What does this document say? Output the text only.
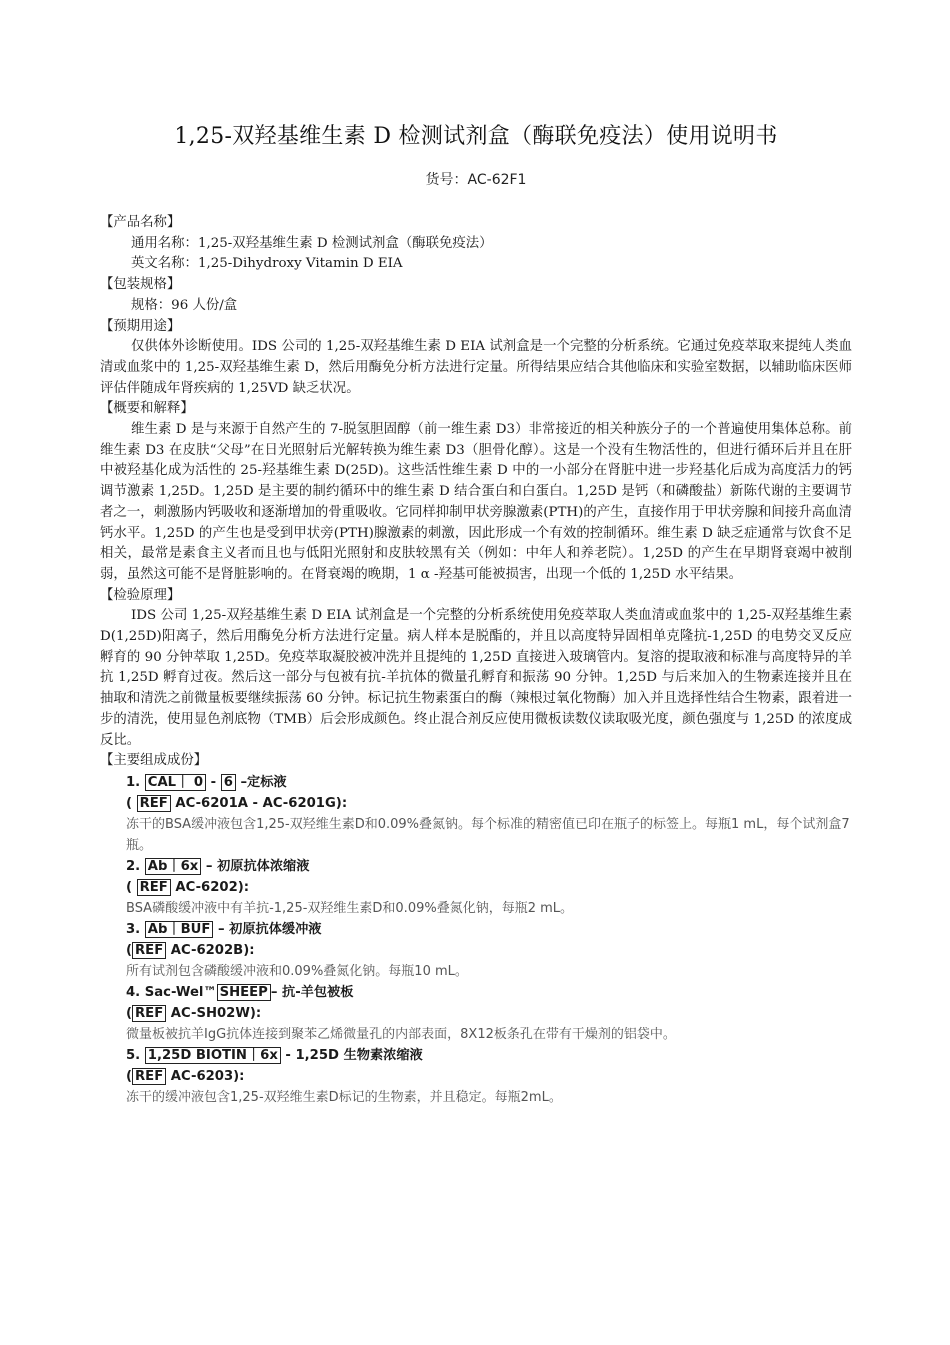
1,25-双羟基维生素 D 检测试剂盒（酶联免疫法）使用说明书
货号：AC-62F1

【产品名称】

通用名称：1,25-双羟基维生素 D 检测试剂盒（酶联免疫法）

英文名称：1,25-Dihydroxy Vitamin D EIA

【包装规格】

规格：96 人份/盒

【预期用途】

仅供体外诊断使用。IDS 公司的 1,25-双羟基维生素 D EIA 试剂盒是一个完整的分析系统。它通过免疫萃取来提纯人类血清或血浆中的 1,25-双羟基维生素 D，然后用酶免分析方法进行定量。所得结果应结合其他临床和实验室数据，以辅助临床医师评估伴随成年肾疾病的 1,25VD 缺乏状况。

【概要和解释】

维生素 D 是与来源于自然产生的 7-脱氢胆固醇（前一维生素 D3）非常接近的相关种族分子的一个普遍使用集体总称。前维生素 D3 在皮肤“父母”在日光照射后光解转换为维生素 D3（胆骨化醇）。这是一个没有生物活性的，但进行循环后并且在肝中被羟基化成为活性的 25-羟基维生素 D(25D)。这些活性维生素 D 中的一小部分在肾脏中进一步羟基化后成为高度活力的钙调节激素 1,25D。1,25D 是主要的制约循环中的维生素 D 结合蛋白和白蛋白。1,25D 是钙（和磷酸盐）新陈代谢的主要调节者之一，刺激肠内钙吸收和逐渐增加的骨重吸收。它同样抑制甲状旁腺激素(PTH)的产生，直接作用于甲状旁腺和间接升高血清钙水平。1,25D 的产生也是受到甲状旁(PTH)腺激素的刺激，因此形成一个有效的控制循环。维生素 D 缺乏症通常与饮食不足相关，最常是素食主义者而且也与低阳光照射和皮肤较黑有关（例如：中年人和养老院）。1,25D 的产生在早期肾衰竭中被削弱，虽然这可能不是肾脏影响的。在肾衰竭的晚期，1 α -羟基可能被损害，出现一个低的 1,25D 水平结果。

【检验原理】

IDS 公司 1,25-双羟基维生素 D EIA 试剂盒是一个完整的分析系统使用免疫萃取人类血清或血浆中的 1,25-双羟基维生素 D(1,25D)阳离子，然后用酶免分析方法进行定量。病人样本是脱酯的，并且以高度特异固相单克隆抗-1,25D 的电势交叉反应孵育的 90 分钟萃取 1,25D。免疫萃取凝胶被冲洗并且提纯的 1,25D 直接进入玻璃管内。复溶的提取液和标准与高度特异的羊抗 1,25D 孵育过夜。然后这一部分与包被有抗-羊抗体的微量孔孵育和振荡 90 分钟。1,25D 与后来加入的生物素连接并且在抽取和清洗之前微量板要继续振荡 60 分钟。标记抗生物素蛋白的酶（辣根过氧化物酶）加入并且选择性结合生物素，跟着进一步的清洗，使用显色剂底物（TMB）后会形成颜色。终止混合剂反应使用微板读数仪读取吸光度，颜色强度与 1,25D 的浓度成反比。

【主要组成成份】

1. CAL｜ 0 - 6 –定标液

( REF AC-6201A - AC-6201G):

冻干的BSA缓冲液包含1,25-双羟维生素D和0.09%叠氮钠。每个标准的精密值已印在瓶子的标签上。每瓶1 mL，每个试剂盒7瓶。

2. Ab｜6x – 初原抗体浓缩液

( REF AC-6202):

BSA磷酸缓冲液中有羊抗-1,25-双羟维生素D和0.09%叠氮化钠，每瓶2 mL。

3. Ab｜BUF – 初原抗体缓冲液

( REF AC-6202B):

所有试剂包含磷酸缓冲液和0.09%叠氮化钠。每瓶10 mL。

4. Sac-Wel™ SHEEP – 抗-羊包被板

( REF AC-SH02W):

微量板被抗羊IgG抗体连接到聚苯乙烯微量孔的内部表面，8X12板条孔在带有干燥剂的铝袋中。

5. 1,25D BIOTIN｜6x - 1,25D 生物素浓缩液

( REF AC-6203):

冻干的缓冲液包含1,25-双羟维生素D标记的生物素，并且稳定。每瓶2mL。
